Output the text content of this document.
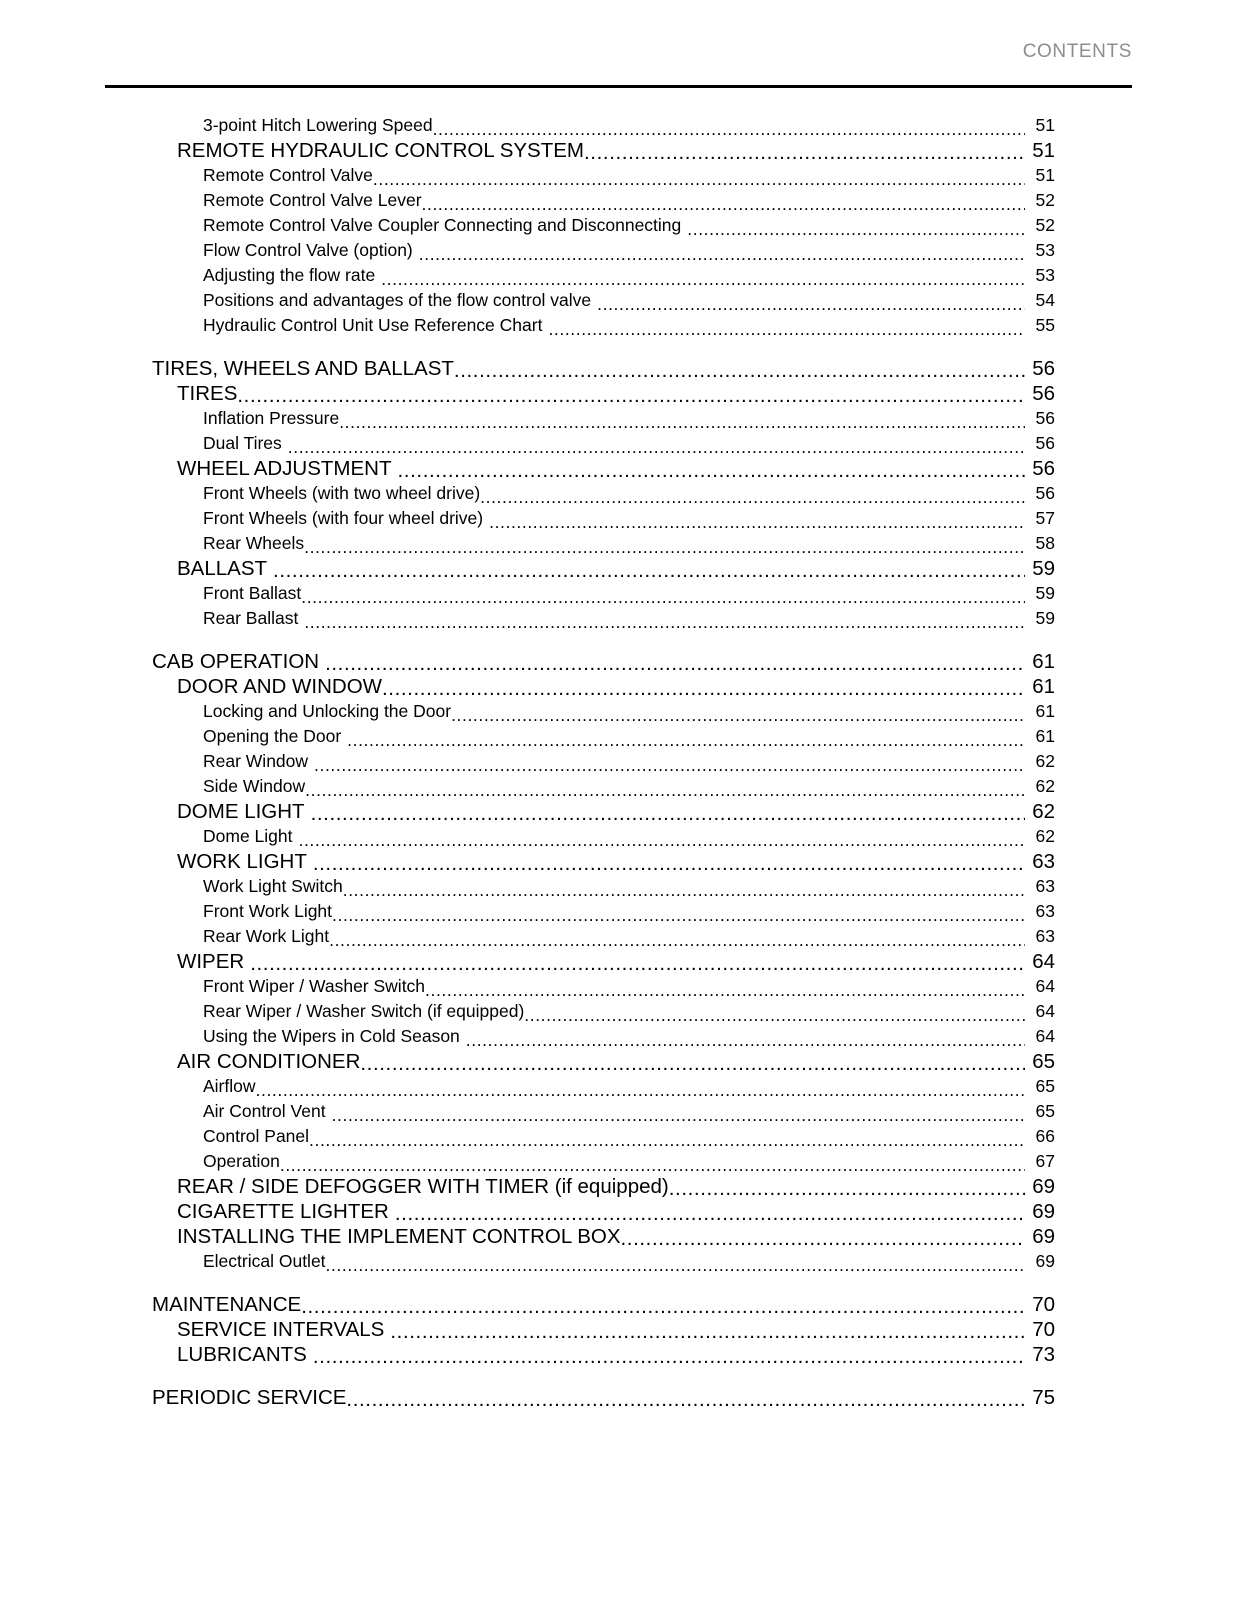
CONTENTS
3-point Hitch Lowering Speed .....	51
REMOTE HYDRAULIC CONTROL SYSTEM .....	51
Remote Control Valve .....	51
Remote Control Valve Lever .....	52
Remote Control Valve Coupler Connecting and Disconnecting .....	52
Flow Control Valve (option) .....	53
Adjusting the flow rate .....	53
Positions and advantages of the flow control valve .....	54
Hydraulic Control Unit Use Reference Chart .....	55
TIRES, WHEELS AND BALLAST .....	56
TIRES .....	56
Inflation Pressure .....	56
Dual Tires .....	56
WHEEL ADJUSTMENT .....	56
Front Wheels (with two wheel drive) .....	56
Front Wheels (with four wheel drive) .....	57
Rear Wheels .....	58
BALLAST .....	59
Front Ballast .....	59
Rear Ballast .....	59
CAB OPERATION .....	61
DOOR AND WINDOW .....	61
Locking and Unlocking the Door .....	61
Opening the Door .....	61
Rear Window .....	62
Side Window .....	62
DOME LIGHT .....	62
Dome Light .....	62
WORK LIGHT .....	63
Work Light Switch .....	63
Front Work Light .....	63
Rear Work Light .....	63
WIPER .....	64
Front Wiper / Washer Switch .....	64
Rear Wiper / Washer Switch (if equipped) .....	64
Using the Wipers in Cold Season .....	64
AIR CONDITIONER .....	65
Airflow .....	65
Air Control Vent .....	65
Control Panel .....	66
Operation .....	67
REAR / SIDE DEFOGGER WITH TIMER (if equipped) .....	69
CIGARETTE LIGHTER .....	69
INSTALLING THE IMPLEMENT CONTROL BOX .....	69
Electrical Outlet .....	69
MAINTENANCE .....	70
SERVICE INTERVALS .....	70
LUBRICANTS .....	73
PERIODIC SERVICE .....	75
